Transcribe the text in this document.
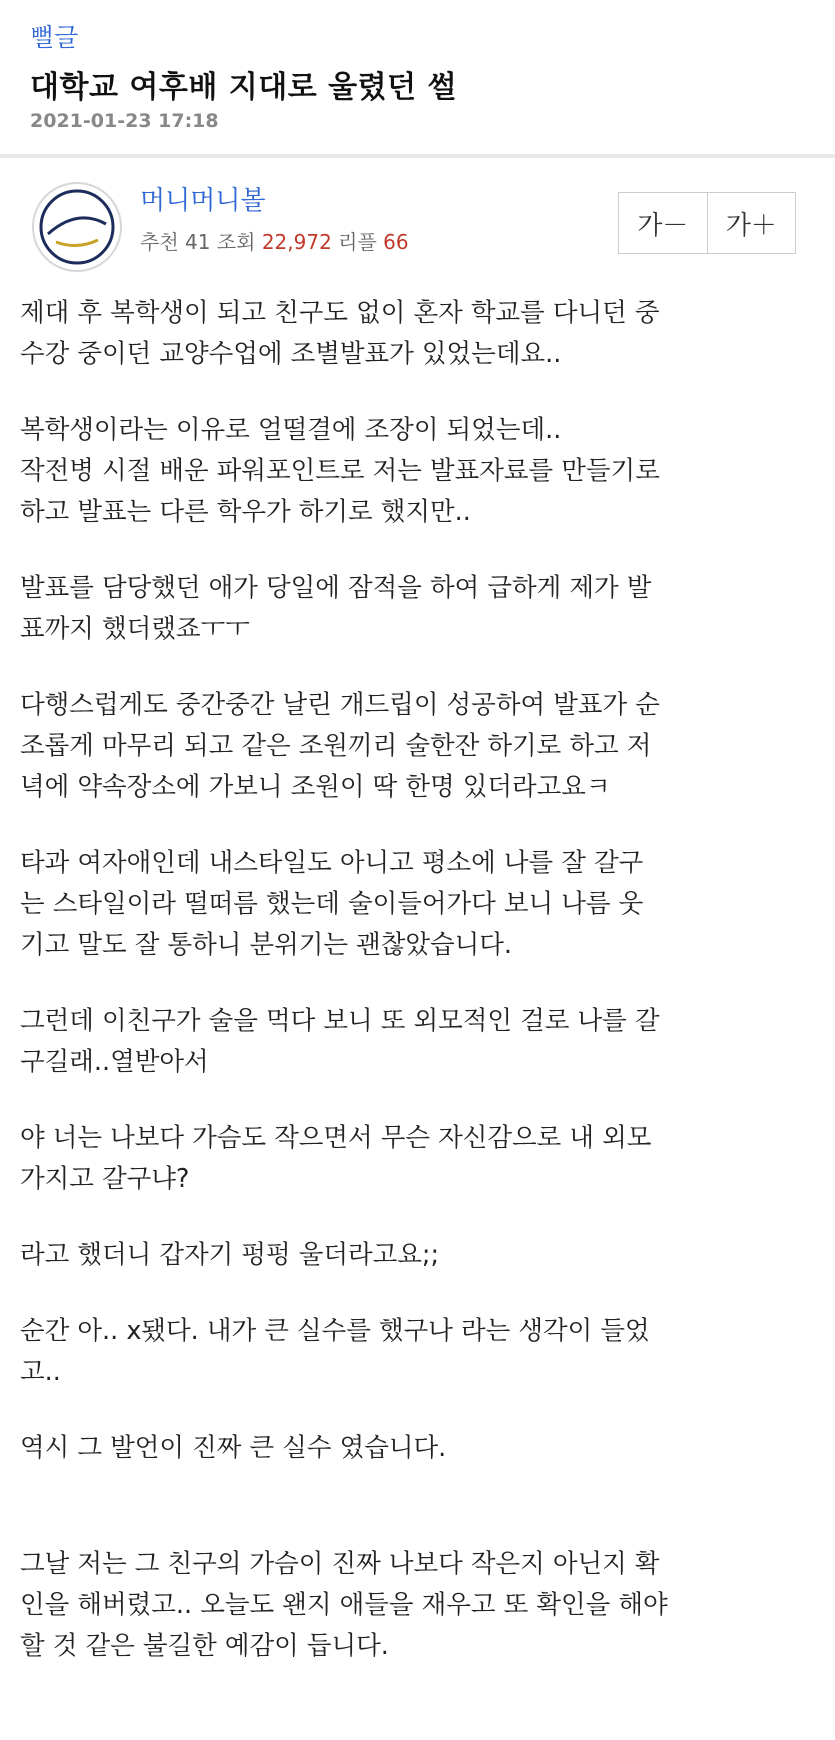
뻘글
대학교 여후배 지대로 울렸던 썰
2021-01-23 17:18
머니머니볼
추천 41 조회 22,972 리플 66
가－	가＋
제대 후 복학생이 되고 친구도 없이 혼자 학교를 다니던 중
수강 중이던 교양수업에 조별발표가 있었는데요..
복학생이라는 이유로 얼떨결에 조장이 되었는데..
작전병 시절 배운 파워포인트로 저는 발표자료를 만들기로
하고 발표는 다른 학우가 하기로 했지만..
발표를 담당했던 애가 당일에 잠적을 하여 급하게 제가 발
표까지 했더랬죠ㅜㅜ
다행스럽게도 중간중간 날린 개드립이 성공하여 발표가 순
조롭게 마무리 되고 같은 조원끼리 술한잔 하기로 하고 저
녁에 약속장소에 가보니 조원이 딱 한명 있더라고요ㅋ
타과 여자애인데 내스타일도 아니고 평소에 나를 잘 갈구
는 스타일이라 떨떠름 했는데 술이들어가다 보니 나름 웃
기고 말도 잘 통하니 분위기는 괜찮았습니다.
그런데 이친구가 술을 먹다 보니 또 외모적인 걸로 나를 갈
구길래..열받아서
야 너는 나보다 가슴도 작으면서 무슨 자신감으로 내 외모
가지고 갈구냐?
라고 했더니 갑자기 펑펑 울더라고요;;
순간 아.. x됐다. 내가 큰 실수를 했구나 라는 생각이 들었
고..
역시 그 발언이 진짜 큰 실수 였습니다.
그날 저는 그 친구의 가슴이 진짜 나보다 작은지 아닌지 확
인을 해버렸고.. 오늘도 왠지 애들을 재우고 또 확인을 해야
할 것 같은 불길한 예감이 듭니다.
